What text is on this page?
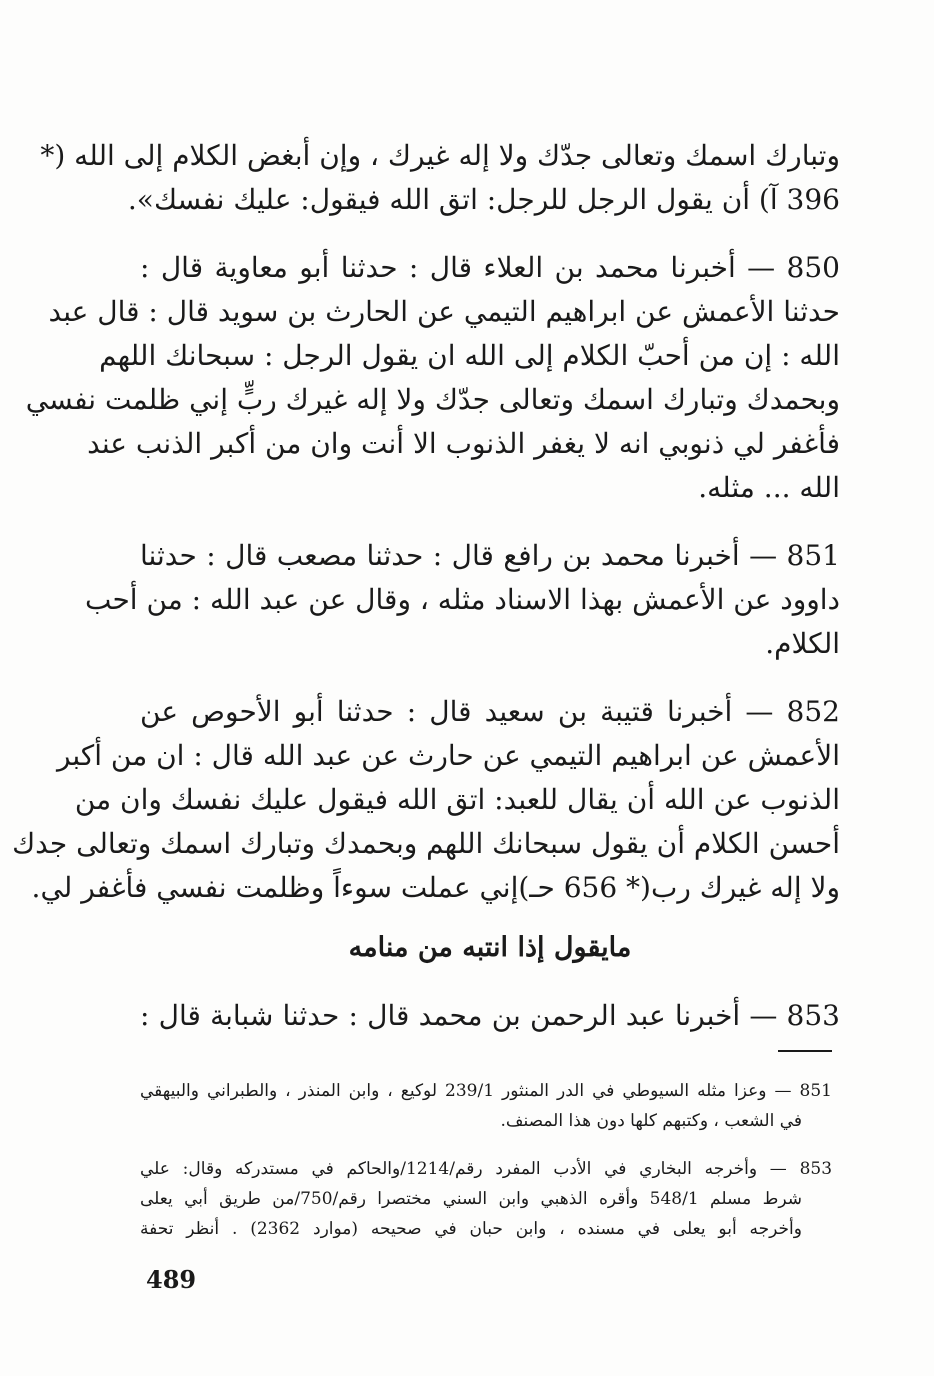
وتبارك اسمك وتعالى جدّك ولا إله غيرك ، وإن أبغض الكلام إلى الله (*
396 آ) أن يقول الرجل للرجل: اتق الله فيقول: عليك نفسك».
850 — أخبرنا محمد بن العلاء قال : حدثنا أبو معاوية قال :
حدثنا الأعمش عن ابراهيم التيمي عن الحارث بن سويد قال : قال عبد
الله : إن من أحبّ الكلام إلى الله ان يقول الرجل : سبحانك اللهم
وبحمدك وتبارك اسمك وتعالى جدّك ولا إله غيرك ربٍّ إني ظلمت نفسي
فأغفر لي ذنوبي انه لا يغفر الذنوب الا أنت وان من أكبر الذنب عند
الله ... مثله.
851 — أخبرنا محمد بن رافع قال : حدثنا مصعب قال : حدثنا
داوود عن الأعمش بهذا الاسناد مثله ، وقال عن عبد الله : من أحب
الكلام.
852 — أخبرنا قتيبة بن سعيد قال : حدثنا أبو الأحوص عن
الأعمش عن ابراهيم التيمي عن حارث عن عبد الله قال : ان من أكبر
الذنوب عن الله أن يقال للعبد: اتق الله فيقول عليك نفسك وان من
أحسن الكلام أن يقول سبحانك اللهم وبحمدك وتبارك اسمك وتعالى جدك
ولا إله غيرك رب(* 656 حـ)إني عملت سوءاً وظلمت نفسي فأغفر لي.
مايقول إذا انتبه من منامه
853 — أخبرنا عبد الرحمن بن محمد قال : حدثنا شبابة قال :
851 — وعزا مثله السيوطي في الدر المنثور 239/1 لوكيع ، وابن المنذر ، والطبراني والبيهقي
في الشعب ، وكتبهم كلها دون هذا المصنف.
853 — وأخرجه البخاري في الأدب المفرد رقم/1214/والحاكم في مستدركه وقال: علي
شرط مسلم 548/1 وأقره الذهبي وابن السني مختصرا رقم/750/من طريق أبي يعلى
وأخرجه أبو يعلى في مسنده ، وابن حبان في صحيحه (موارد 2362) . أنظر تحفة
489
